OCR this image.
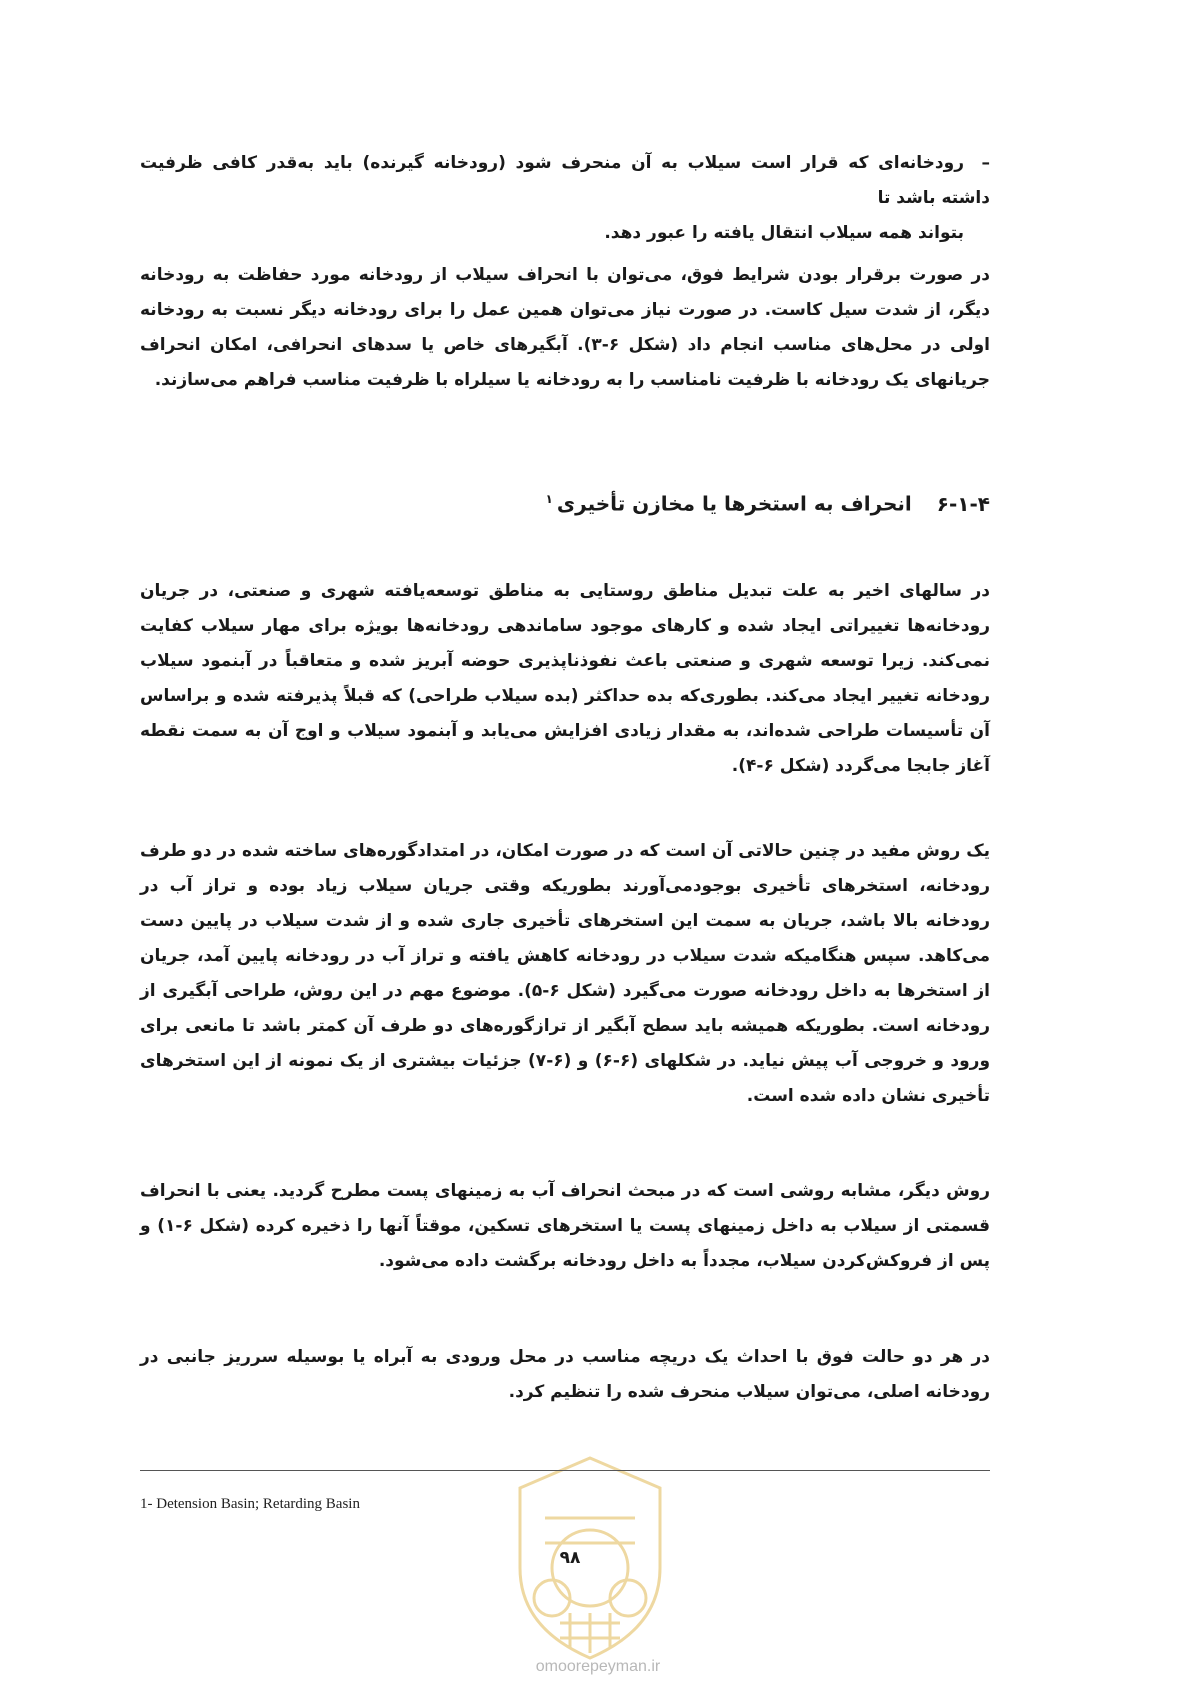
–رودخانه‌ای که قرار است سیلاب به آن منحرف شود (رودخانه گیرنده) باید به‌قدر کافی ظرفیت داشته باشد تا
بتواند همه سیلاب انتقال یافته را عبور دهد.

در صورت برقرار بودن شرایط فوق، می‌توان با انحراف سیلاب از رودخانه مورد حفاظت به رودخانه دیگر، از شدت سیل کاست. در صورت نیاز می‌توان همین عمل را برای رودخانه دیگر نسبت به رودخانه اولی در محل‌های مناسب انجام داد (شکل ۶-۳). آبگیرهای خاص یا سدهای انحرافی، امکان انحراف جریانهای یک رودخانه با ظرفیت نامناسب را به رودخانه یا سیلراه با ظرفیت مناسب فراهم می‌سازند.

۶-۱-۴ انحراف به استخرها یا مخازن تأخیری$^۱$

در سالهای اخیر به علت تبدیل مناطق روستایی به مناطق توسعه‌یافته شهری و صنعتی، در جریان رودخانه‌ها تغییراتی ایجاد شده و کارهای موجود ساماندهی رودخانه‌ها بویژه برای مهار سیلاب کفایت نمی‌کند. زیرا توسعه شهری و صنعتی باعث نفوذناپذیری حوضه آبریز شده و متعاقباً در آبنمود سیلاب رودخانه تغییر ایجاد می‌کند. بطوری‌که بده حداکثر (بده سیلاب طراحی) که قبلاً پذیرفته شده و براساس آن تأسیسات طراحی شده‌اند، به مقدار زیادی افزایش می‌یابد و آبنمود سیلاب و اوج آن به سمت نقطه آغاز جابجا می‌گردد (شکل ۶-۴).

یک روش مفید در چنین حالاتی آن است که در صورت امکان، در امتدادگوره‌های ساخته شده در دو طرف رودخانه، استخرهای تأخیری بوجودمی‌آورند بطوریکه وقتی جریان سیلاب زیاد بوده و تراز آب در رودخانه بالا باشد، جریان به سمت این استخرهای تأخیری جاری شده و از شدت سیلاب در پایین دست می‌کاهد. سپس هنگامیکه شدت سیلاب در رودخانه کاهش یافته و تراز آب در رودخانه پایین آمد، جریان از استخرها به داخل رودخانه صورت می‌گیرد (شکل ۶-۵). موضوع مهم در این روش، طراحی آبگیری از رودخانه است. بطوریکه همیشه باید سطح آبگیر از ترازگوره‌های دو طرف آن کمتر باشد تا مانعی برای ورود و خروجی آب پیش نیاید. در شکلهای (۶-۶) و (۶-۷) جزئیات بیشتری از یک نمونه از این استخرهای تأخیری نشان داده شده است.

روش دیگر، مشابه روشی است که در مبحث انحراف آب به زمینهای پست مطرح گردید. یعنی با انحراف قسمتی از سیلاب به داخل زمینهای پست یا استخرهای تسکین، موقتاً آنها را ذخیره کرده (شکل ۶-۱) و پس از فروکش‌کردن سیلاب، مجدداً به داخل رودخانه برگشت داده می‌شود.

در هر دو حالت فوق با احداث یک دریچه مناسب در محل ورودی به آبراه یا بوسیله سرریز جانبی در رودخانه اصلی، می‌توان سیلاب منحرف شده را تنظیم کرد.

1- Detension Basin; Retarding Basin

۹۸
omoorepeyman.ir
